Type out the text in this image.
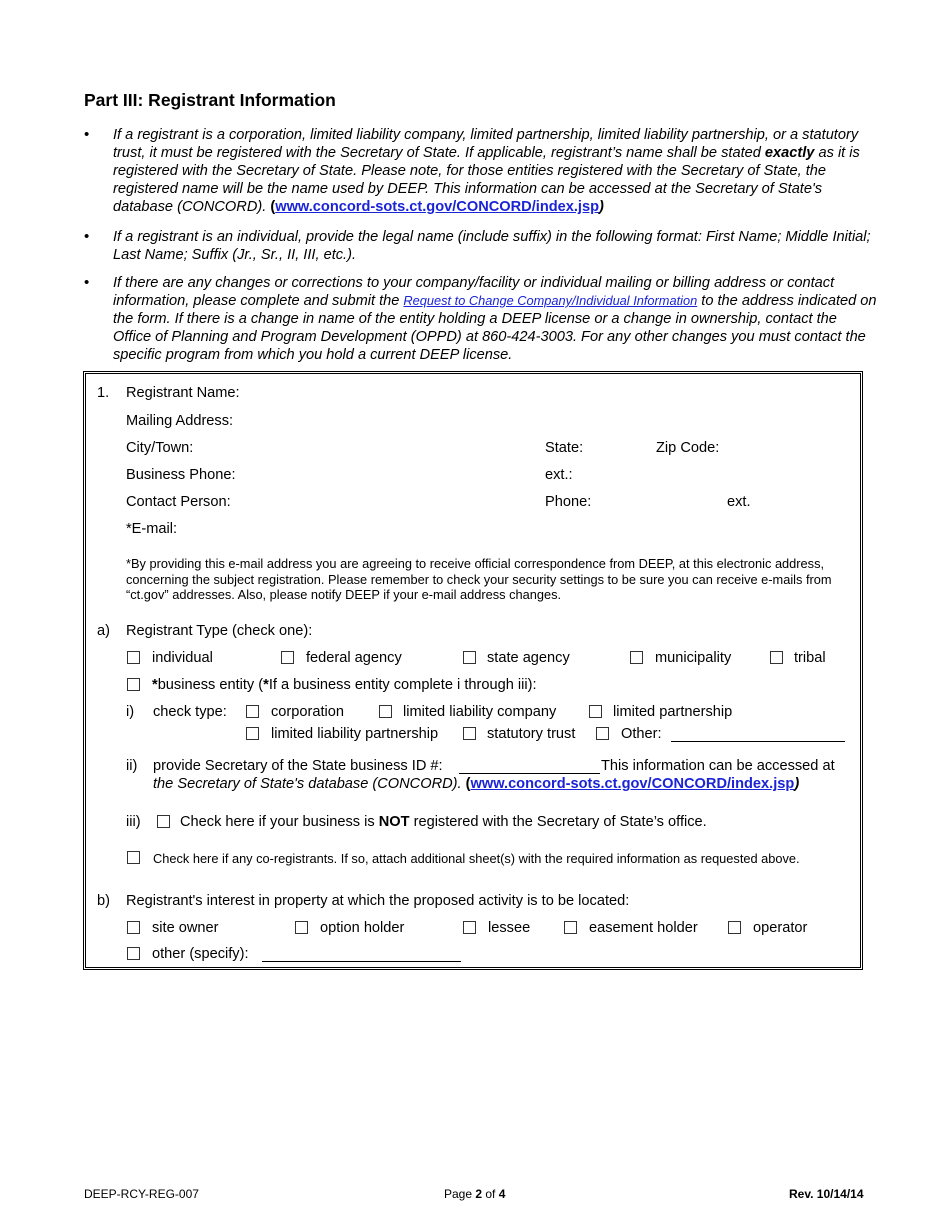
Part III: Registrant Information
• If a registrant is a corporation, limited liability company, limited partnership, limited liability partnership, or a statutory trust, it must be registered with the Secretary of State. If applicable, registrant’s name shall be stated exactly as it is registered with the Secretary of State. Please note, for those entities registered with the Secretary of State, the registered name will be the name used by DEEP. This information can be accessed at the Secretary of State's database (CONCORD). (www.concord-sots.ct.gov/CONCORD/index.jsp)
• If a registrant is an individual, provide the legal name (include suffix) in the following format: First Name; Middle Initial; Last Name; Suffix (Jr., Sr., II, III, etc.).
• If there are any changes or corrections to your company/facility or individual mailing or billing address or contact information, please complete and submit the Request to Change Company/Individual Information to the address indicated on the form. If there is a change in name of the entity holding a DEEP license or a change in ownership, contact the Office of Planning and Program Development (OPPD) at 860-424-3003. For any other changes you must contact the specific program from which you hold a current DEEP license.
1. Registrant Name:
Mailing Address:
City/Town:	State:	Zip Code:
Business Phone:	ext.:
Contact Person:	Phone:	ext.
*E-mail:
*By providing this e-mail address you are agreeing to receive official correspondence from DEEP, at this electronic address, concerning the subject registration. Please remember to check your security settings to be sure you can receive e-mails from “ct.gov” addresses. Also, please notify DEEP if your e-mail address changes.
a) Registrant Type (check one):
individual	federal agency	state agency	municipality	tribal
*business entity (*If a business entity complete i through iii):
i) check type:	corporation	limited liability company	limited partnership
limited liability partnership	statutory trust	Other:
ii) provide Secretary of the State business ID #:	This information can be accessed at
the Secretary of State's database (CONCORD). (www.concord-sots.ct.gov/CONCORD/index.jsp)
iii)	Check here if your business is NOT registered with the Secretary of State’s office.
Check here if any co-registrants. If so, attach additional sheet(s) with the required information as requested above.
b) Registrant's interest in property at which the proposed activity is to be located:
site owner	option holder	lessee	easement holder	operator
other (specify):
DEEP-RCY-REG-007	Page 2 of 4	Rev. 10/14/14
